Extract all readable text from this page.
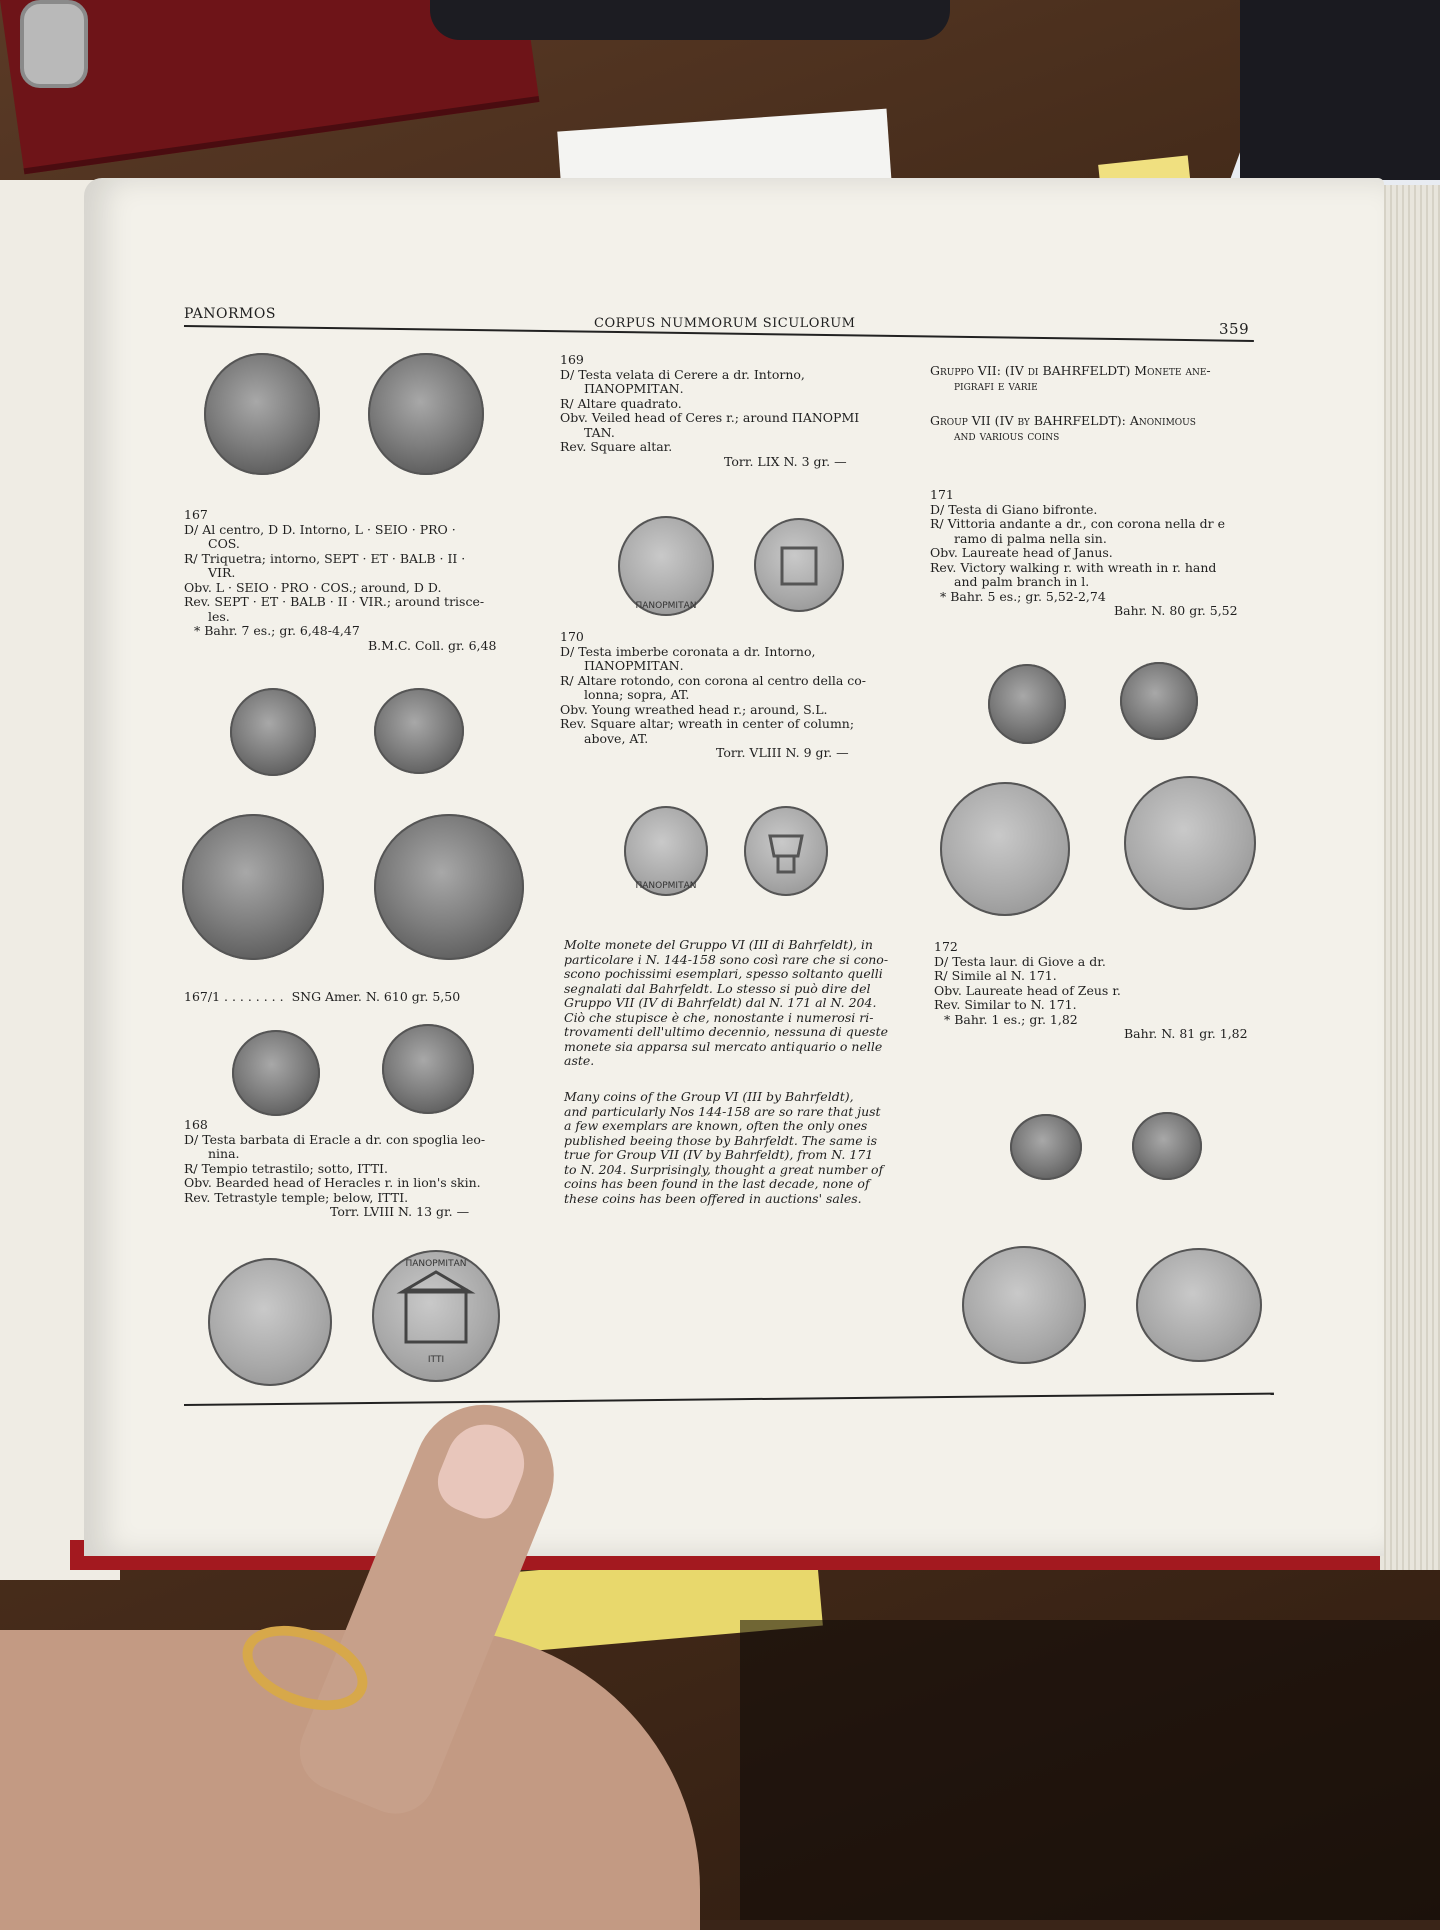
PANORMOS
CORPUS NUMMORUM SICULORUM	359
167
D/ Al centro, D D. Intorno, L · SEIO · PRO ·
COS.
R/ Triquetra; intorno, SEPT · ET · BALB · II ·
VIR.
Obv. L · SEIO · PRO · COS.; around, D D.
Rev. SEPT · ET · BALB · II · VIR.; around trisce-
les.
* Bahr. 7 es.; gr. 6,48-4,47
B.M.C. Coll. gr. 6,48
167/1 . . . . . . . . SNG Amer. N. 610 gr. 5,50
168
D/ Testa barbata di Eracle a dr. con spoglia leo-
nina.
R/ Tempio tetrastilo; sotto, ITTI.
Obv. Bearded head of Heracles r. in lion's skin.
Rev. Tetrastyle temple; below, ITTI.
Torr. LVIII N. 13 gr. —
ΠΑΝΟΡΜΙΤΑΝ
ΙΤΤΙ
169
D/ Testa velata di Cerere a dr. Intorno,
ΠΑΝΟΡΜΙΤΑΝ.
R/ Altare quadrato.
Obv. Veiled head of Ceres r.; around ΠΑΝΟΡΜΙ
TAN.
Rev. Square altar.
Torr. LIX N. 3 gr. —
ΠΑΝΟΡΜΙΤΑΝ
170
D/ Testa imberbe coronata a dr. Intorno,
ΠΑΝΟΡΜΙΤΑΝ.
R/ Altare rotondo, con corona al centro della co-
lonna; sopra, AT.
Obv. Young wreathed head r.; around, S.L.
Rev. Square altar; wreath in center of column;
above, AT.
Torr. VLIII N. 9 gr. —
ΠΑΝΟΡΜΙΤΑΝ
Molte monete del Gruppo VI (III di Bahrfeldt), in
particolare i N. 144-158 sono così rare che si cono-
scono pochissimi esemplari, spesso soltanto quelli
segnalati dal Bahrfeldt. Lo stesso si può dire del
Gruppo VII (IV di Bahrfeldt) dal N. 171 al N. 204.
Ciò che stupisce è che, nonostante i numerosi ri-
trovamenti dell'ultimo decennio, nessuna di queste
monete sia apparsa sul mercato antiquario o nelle
aste.
Many coins of the Group VI (III by Bahrfeldt),
and particularly Nos 144-158 are so rare that just
a few exemplars are known, often the only ones
published beeing those by Bahrfeldt. The same is
true for Group VII (IV by Bahrfeldt), from N. 171
to N. 204. Surprisingly, thought a great number of
coins has been found in the last decade, none of
these coins has been offered in auctions' sales.
Gruppo VII: (IV di BAHRFELDT) Monete ane-
pigrafi e varie
Group VII (IV by BAHRFELDT): Anonimous
and various coins
171
D/ Testa di Giano bifronte.
R/ Vittoria andante a dr., con corona nella dr e
ramo di palma nella sin.
Obv. Laureate head of Janus.
Rev. Victory walking r. with wreath in r. hand
and palm branch in l.
* Bahr. 5 es.; gr. 5,52-2,74
Bahr. N. 80 gr. 5,52
172
D/ Testa laur. di Giove a dr.
R/ Simile al N. 171.
Obv. Laureate head of Zeus r.
Rev. Similar to N. 171.
* Bahr. 1 es.; gr. 1,82
Bahr. N. 81 gr. 1,82
